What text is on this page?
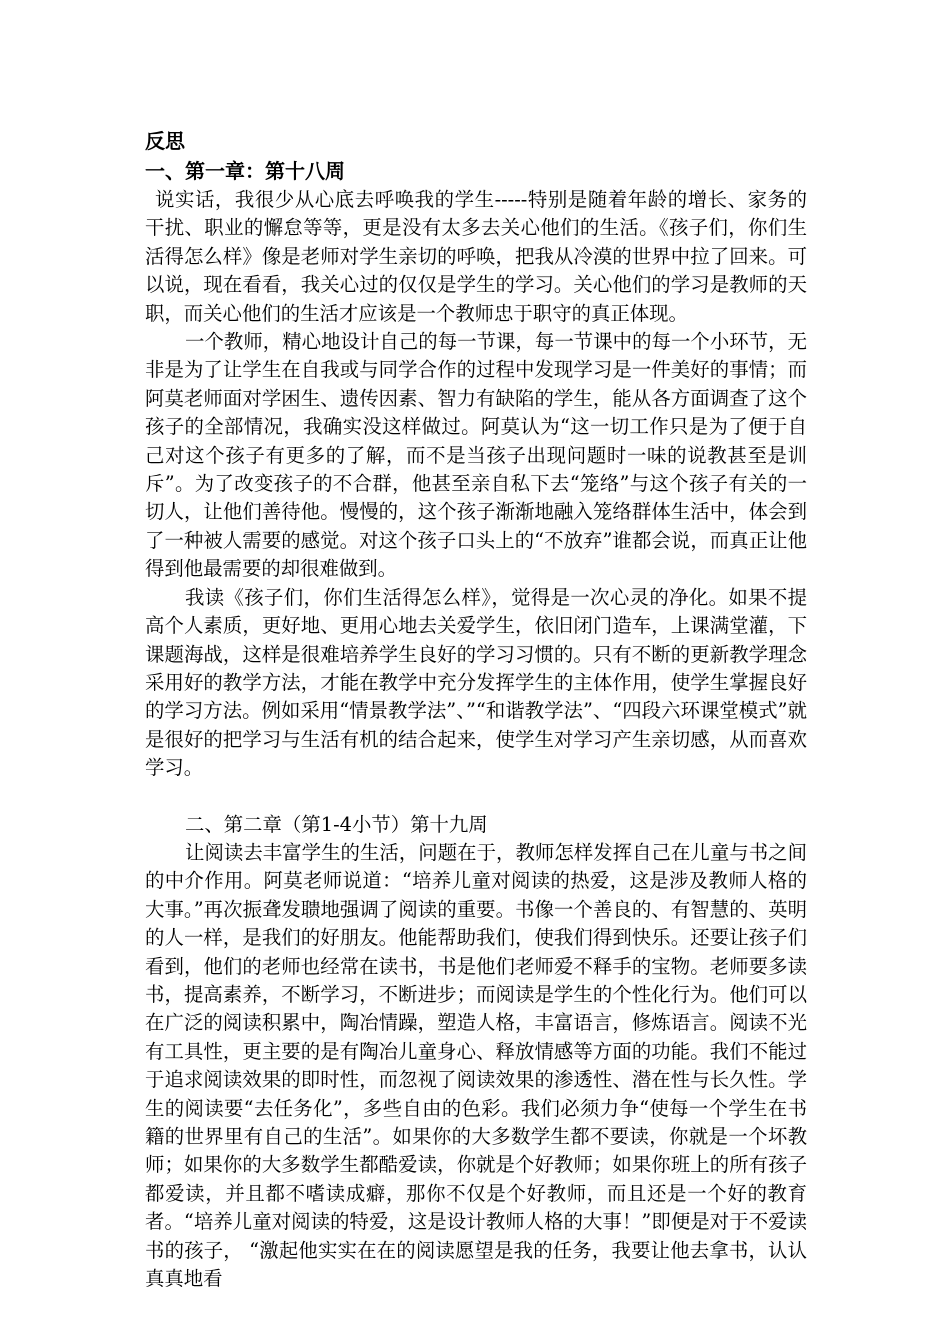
反思
一、第一章：第十八周

说实话，我很少从心底去呼唤我的学生-----特别是随着年龄的增长、家务的干扰、职业的懈怠等等，更是没有太多去关心他们的生活。《孩子们，你们生活得怎么样》像是老师对学生亲切的呼唤，把我从冷漠的世界中拉了回来。可以说，现在看看，我关心过的仅仅是学生的学习。关心他们的学习是教师的天职，而关心他们的生活才应该是一个教师忠于职守的真正体现。

一个教师，精心地设计自己的每一节课，每一节课中的每一个小环节，无非是为了让学生在自我或与同学合作的过程中发现学习是一件美好的事情；而阿莫老师面对学困生、遗传因素、智力有缺陷的学生，能从各方面调查了这个孩子的全部情况，我确实没这样做过。阿莫认为“这一切工作只是为了便于自己对这个孩子有更多的了解，而不是当孩子出现问题时一味的说教甚至是训斥”。为了改变孩子的不合群，他甚至亲自私下去“笼络”与这个孩子有关的一切人，让他们善待他。慢慢的，这个孩子渐渐地融入笼络群体生活中，体会到了一种被人需要的感觉。对这个孩子口头上的“不放弃”谁都会说，而真正让他得到他最需要的却很难做到。

我读《孩子们，你们生活得怎么样》，觉得是一次心灵的净化。如果不提高个人素质，更好地、更用心地去关爱学生，依旧闭门造车，上课满堂灌，下课题海战，这样是很难培养学生良好的学习习惯的。只有不断的更新教学理念采用好的教学方法，才能在教学中充分发挥学生的主体作用，使学生掌握良好的学习方法。例如采用“情景教学法”、”“和谐教学法”、“四段六环课堂模式”就是很好的把学习与生活有机的结合起来，使学生对学习产生亲切感，从而喜欢学习。

二、第二章（第1-4小节）第十九周

让阅读去丰富学生的生活，问题在于，教师怎样发挥自己在儿童与书之间的中介作用。阿莫老师说道：“培养儿童对阅读的热爱，这是涉及教师人格的大事。”再次振聋发聩地强调了阅读的重要。书像一个善良的、有智慧的、英明的人一样，是我们的好朋友。他能帮助我们，使我们得到快乐。还要让孩子们看到，他们的老师也经常在读书，书是他们老师爱不释手的宝物。老师要多读书，提高素养，不断学习，不断进步；而阅读是学生的个性化行为。他们可以在广泛的阅读积累中，陶冶情躁，塑造人格，丰富语言，修炼语言。阅读不光有工具性，更主要的是有陶冶儿童身心、释放情感等方面的功能。我们不能过于追求阅读效果的即时性，而忽视了阅读效果的渗透性、潜在性与长久性。学生的阅读要“去任务化”，多些自由的色彩。我们必须力争“使每一个学生在书籍的世界里有自己的生活”。如果你的大多数学生都不要读，你就是一个坏教师；如果你的大多数学生都酷爱读，你就是个好教师；如果你班上的所有孩子都爱读，并且都不嗜读成癖，那你不仅是个好教师，而且还是一个好的教育者。“培养儿童对阅读的特爱，这是设计教师人格的大事！”即便是对于不爱读书的孩子， “激起他实实在在的阅读愿望是我的任务，我要让他去拿书，认认真真地看
